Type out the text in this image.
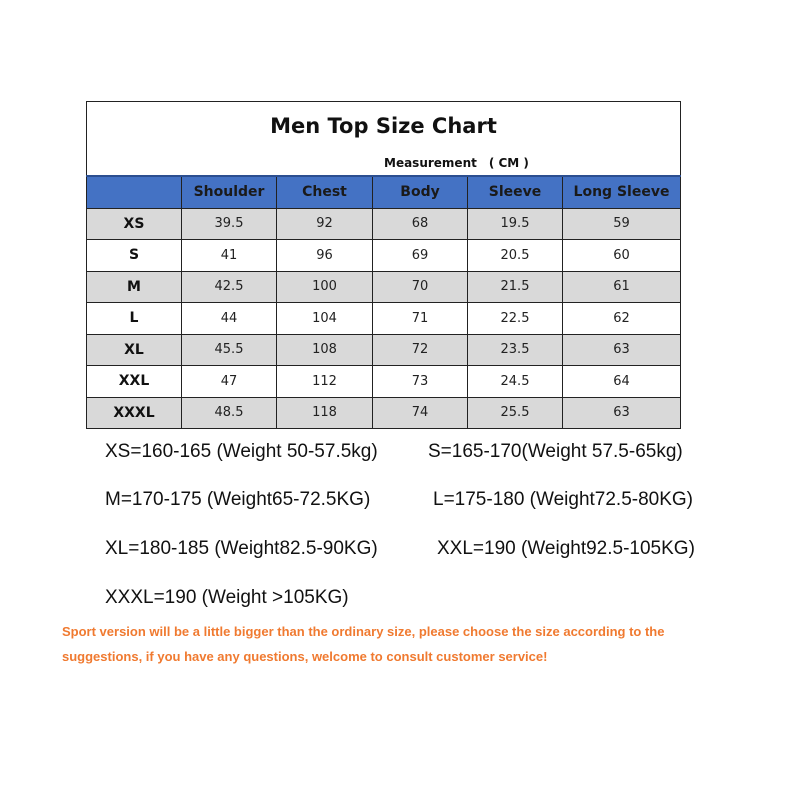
Men Top Size Chart
Measurement　( CM )
	Shoulder	Chest	Body	Sleeve	Long Sleeve
XS	39.5	92	68	19.5	59
S	41	96	69	20.5	60
M	42.5	100	70	21.5	61
L	44	104	71	22.5	62
XL	45.5	108	72	23.5	63
XXL	47	112	73	24.5	64
XXXL	48.5	118	74	25.5	63
XS=160-165 (Weight 50-57.5kg)	S=165-170(Weight 57.5-65kg)
M=170-175 (Weight65-72.5KG)	L=175-180 (Weight72.5-80KG)
XL=180-185 (Weight82.5-90KG)	XXL=190 (Weight92.5-105KG)
XXXL=190 (Weight >105KG)
Sport version will be a little bigger than the ordinary size, please choose the size according to the
suggestions, if you have any questions, welcome to consult customer service!
